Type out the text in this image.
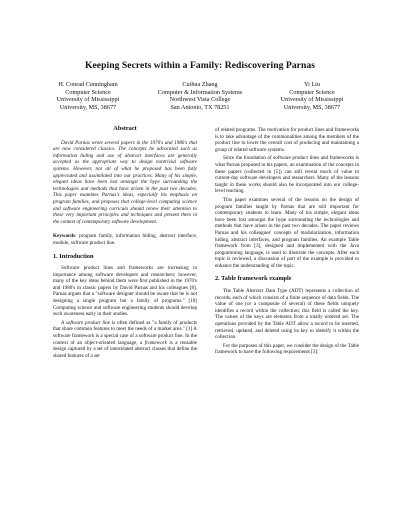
Keeping Secrets within a Family: Rediscovering Parnas
H. Conrad Cunningham
Computer Science
University of Mississippi
University, MS, 38677
Cuihua Zhang
Computer & Information Systems
Northwest Vista College
San Antonio, TX 78251
Yi Liu
Computer Science
University of Mississippi
University, MS, 38677
Abstract

David Parnas wrote several papers in the 1970's and 1980's that are now considered classics. The concepts he advocated such as information hiding and use of abstract interfaces are generally accepted as the appropriate way to design nontrivial software systems. However, not all of what he proposed has been fully appreciated and assimilated into our practices. Many of his simple, elegant ideas have been lost amongst the hype surrounding the technologies and methods that have arisen in the past two decades. This paper examines Parnas's ideas, especially his emphasis on program families, and proposes that college-level computing science and software engineering curricula should renew their attention to these very important principles and techniques and present them in the context of contemporary software development.

Keywords: program family, information hiding, abstract interface, module, software product line.

1. Introduction

Software product lines and frameworks are increasing in importance among software developers and researchers; however, many of the key ideas behind them were first published in the 1970's and 1980's in classic papers by David Parnas and his colleagues [8]. Parnas argues that a "software designer should be aware that he is not designing a single program but a family of programs." [10] Computing science and software engineering students should develop such awareness early in their studies.

A software product line is often defined as "a family of products that share common features to meet the needs of a market area." [1] A software framework is a special case of a software product line. In the context of an object-oriented language, a framework is a reusable design captured by a set of interrelated abstract classes that define the shared features of a set

of related programs. The motivation for product lines and frameworks is to take advantage of the commonalities among the members of the product line to lower the overall cost of producing and maintaining a group of related software systems.

Since the foundation of software product lines and frameworks is what Parnas proposed in his papers, an examination of the concepts in these papers (collected in [5]) can still reveal much of value to current-day software developers and researchers. Many of the lessons taught in these works should also be incorporated into our college-level teaching.

This paper examines several of the lessons on the design of program families taught by Parnas that are still important for contemporary students to learn. Many of his simple, elegant ideas have been lost amongst the hype surrounding the technologies and methods that have arisen in the past two decades. The paper reviews Parnas and his colleagues' concepts of modularization, information hiding, abstract interfaces, and program families. An example Table framework from [3], designed and implemented with the Java programming language, is used to illustrate the concepts. After each topic is reviewed, a discussion of part of the example is provided to enhance the understanding of the topic.

2. Table framework example

The Table Abstract Data Type (ADT) represents a collection of records, each of which consists of a finite sequence of data fields. The value of one (or a composite of several) of these fields uniquely identifies a record within the collection; this field is called the key. The values of the keys are elements from a totally ordered set. The operations provided by the Table ADT allow a record to be inserted, retrieved, updated, and deleted using its key to identify it within the collection.

For the purposes of this paper, we consider the design of the Table framework to have the following requirements [3]:
